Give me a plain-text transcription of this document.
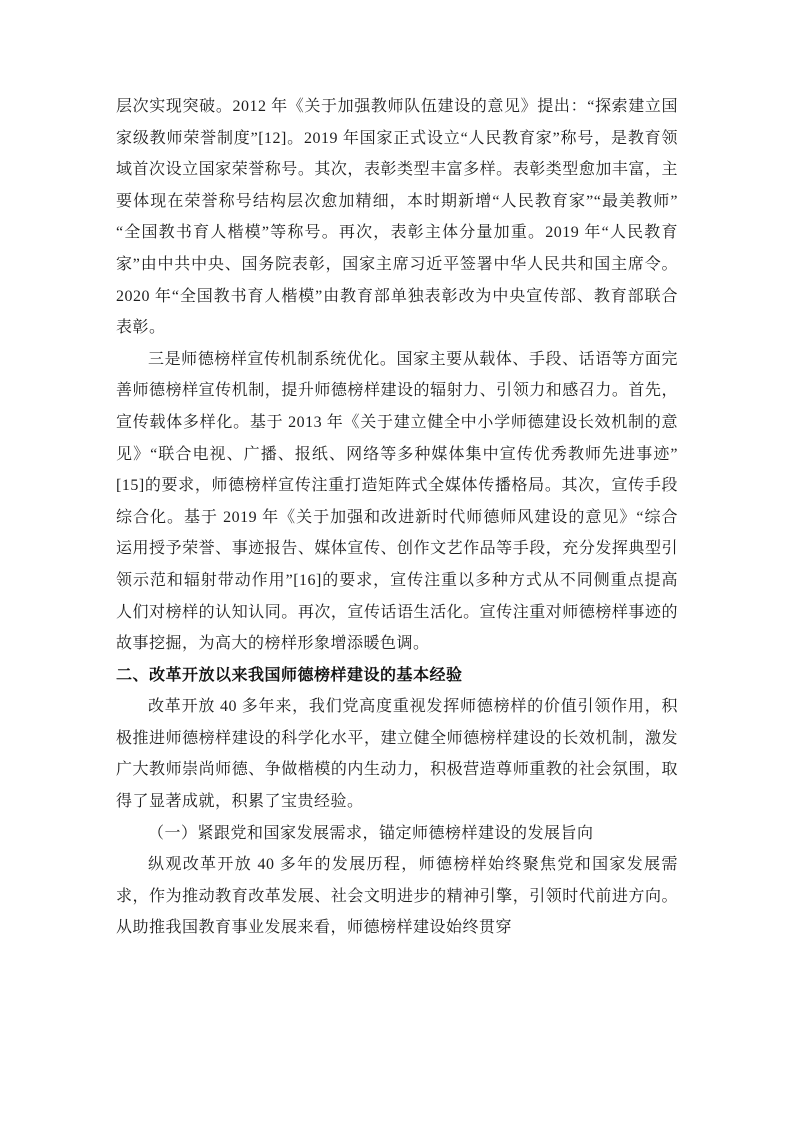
层次实现突破。2012 年《关于加强教师队伍建设的意见》提出：“探索建立国家级教师荣誉制度”[12]。2019 年国家正式设立“人民教育家”称号，是教育领域首次设立国家荣誉称号。其次，表彰类型丰富多样。表彰类型愈加丰富，主要体现在荣誉称号结构层次愈加精细，本时期新增“人民教育家”“最美教师”“全国教书育人楷模”等称号。再次，表彰主体分量加重。2019 年“人民教育家”由中共中央、国务院表彰，国家主席习近平签署中华人民共和国主席令。2020 年“全国教书育人楷模”由教育部单独表彰改为中央宣传部、教育部联合表彰。

三是师德榜样宣传机制系统优化。国家主要从载体、手段、话语等方面完善师德榜样宣传机制，提升师德榜样建设的辐射力、引领力和感召力。首先，宣传载体多样化。基于 2013 年《关于建立健全中小学师德建设长效机制的意见》“联合电视、广播、报纸、网络等多种媒体集中宣传优秀教师先进事迹”[15]的要求，师德榜样宣传注重打造矩阵式全媒体传播格局。其次，宣传手段综合化。基于 2019 年《关于加强和改进新时代师德师风建设的意见》“综合运用授予荣誉、事迹报告、媒体宣传、创作文艺作品等手段，充分发挥典型引领示范和辐射带动作用”[16]的要求，宣传注重以多种方式从不同侧重点提高人们对榜样的认知认同。再次，宣传话语生活化。宣传注重对师德榜样事迹的故事挖掘，为高大的榜样形象增添暖色调。

二、改革开放以来我国师德榜样建设的基本经验

改革开放 40 多年来，我们党高度重视发挥师德榜样的价值引领作用，积极推进师德榜样建设的科学化水平，建立健全师德榜样建设的长效机制，激发广大教师崇尚师德、争做楷模的内生动力，积极营造尊师重教的社会氛围，取得了显著成就，积累了宝贵经验。

（一）紧跟党和国家发展需求，锚定师德榜样建设的发展旨向

纵观改革开放 40 多年的发展历程，师德榜样始终聚焦党和国家发展需求，作为推动教育改革发展、社会文明进步的精神引擎，引领时代前进方向。从助推我国教育事业发展来看，师德榜样建设始终贯穿
